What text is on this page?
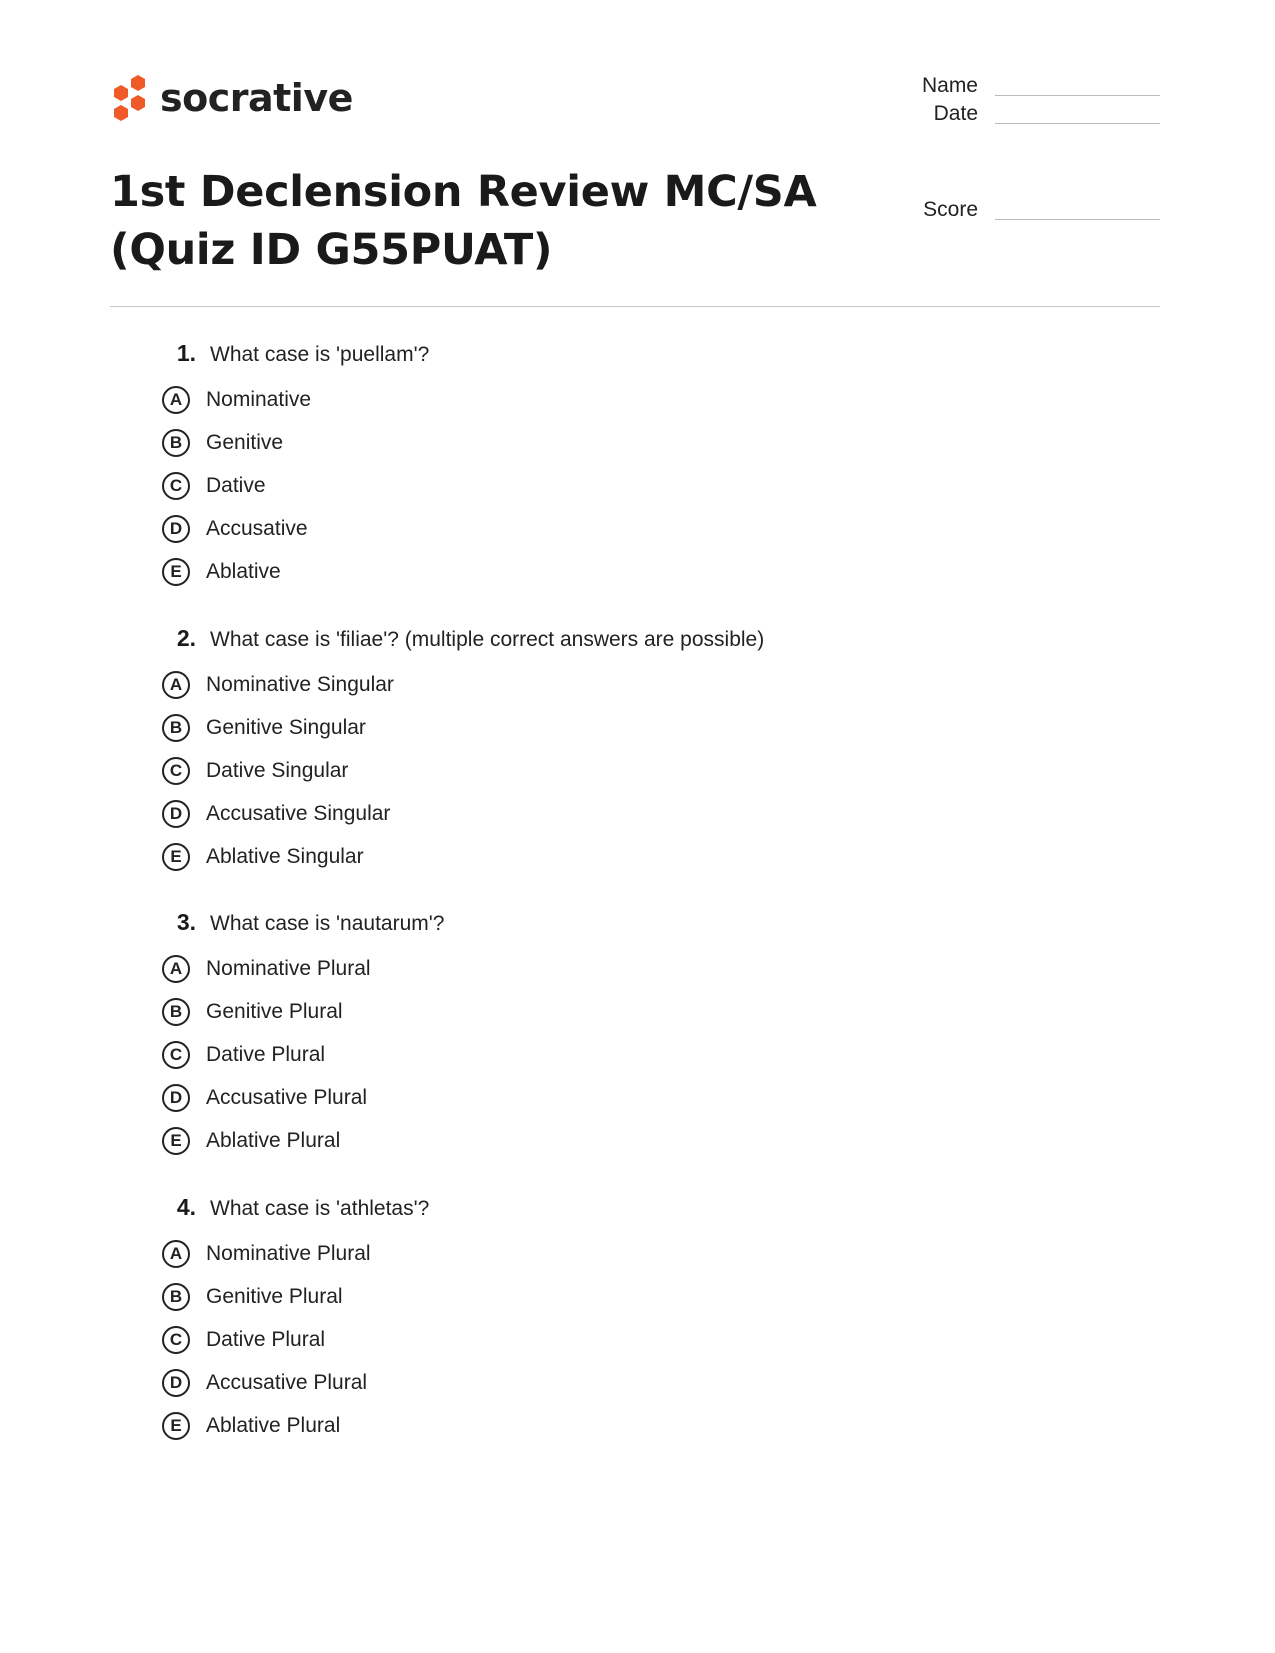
socrative
1st Declension Review MC/SA (Quiz ID G55PUAT)
Name
Date
Score
1. What case is 'puellam'?
A	Nominative
B	Genitive
C	Dative
D	Accusative
E	Ablative
2. What case is 'filiae'? (multiple correct answers are possible)
A	Nominative Singular
B	Genitive Singular
C	Dative Singular
D	Accusative Singular
E	Ablative Singular
3. What case is 'nautarum'?
A	Nominative Plural
B	Genitive Plural
C	Dative Plural
D	Accusative Plural
E	Ablative Plural
4. What case is 'athletas'?
A	Nominative Plural
B	Genitive Plural
C	Dative Plural
D	Accusative Plural
E	Ablative Plural
